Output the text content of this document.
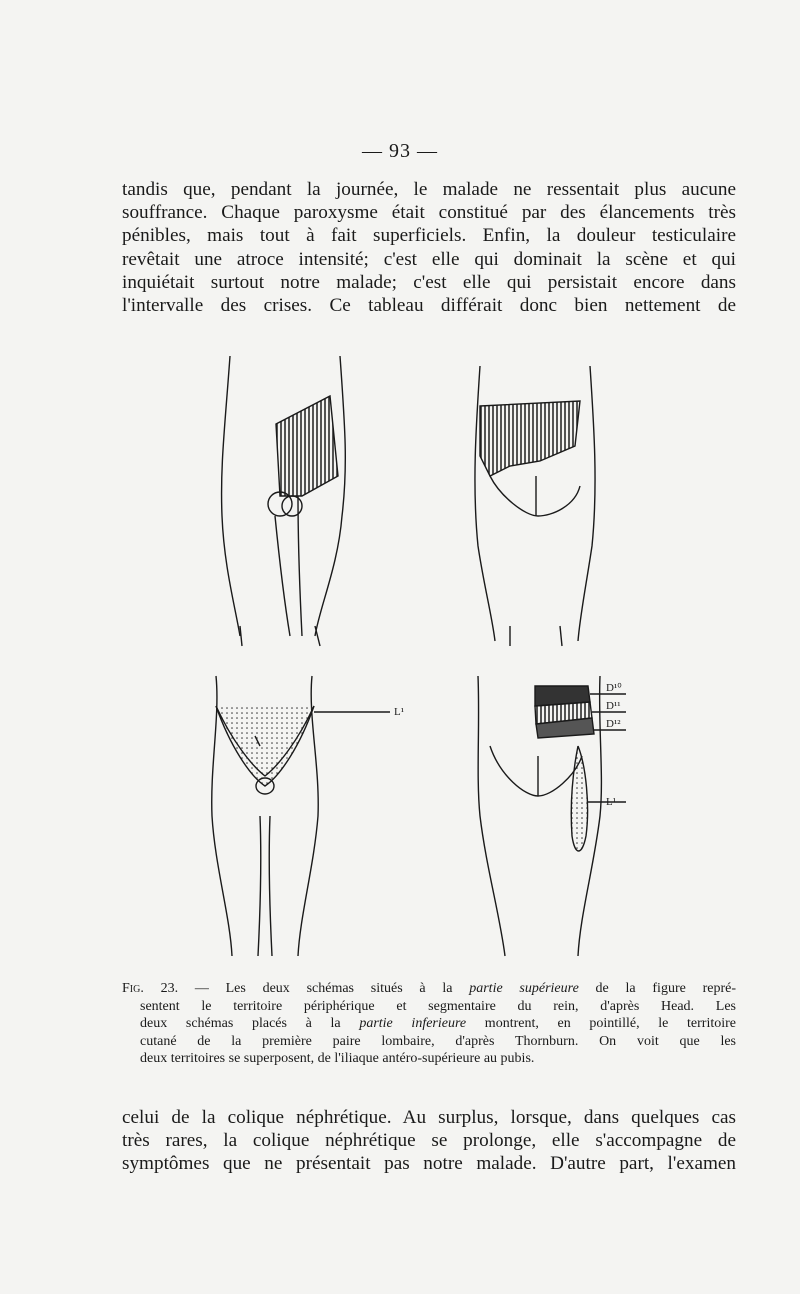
— 93 —
tandis que, pendant la journée, le malade ne ressentait plus aucune
souffrance. Chaque paroxysme était constitué par des élancements très
pénibles, mais tout à fait superficiels. Enfin, la douleur testiculaire
revêtait une atroce intensité; c'est elle qui dominait la scène et qui
inquiétait surtout notre malade; c'est elle qui persistait encore dans
l'intervalle des crises. Ce tableau différait donc bien nettement de
L¹
D¹⁰
D¹¹
D¹²
L¹
Fig. 23. — Les deux schémas situés à la partie supérieure de la figure repré-
sentent le territoire périphérique et segmentaire du rein, d'après Head. Les
deux schémas placés à la partie inferieure montrent, en pointillé, le territoire
cutané de la première paire lombaire, d'après Thornburn. On voit que les
deux territoires se superposent, de l'iliaque antéro-supérieure au pubis.
celui de la colique néphrétique. Au surplus, lorsque, dans quelques cas
très rares, la colique néphrétique se prolonge, elle s'accompagne de
symptômes que ne présentait pas notre malade. D'autre part, l'examen
